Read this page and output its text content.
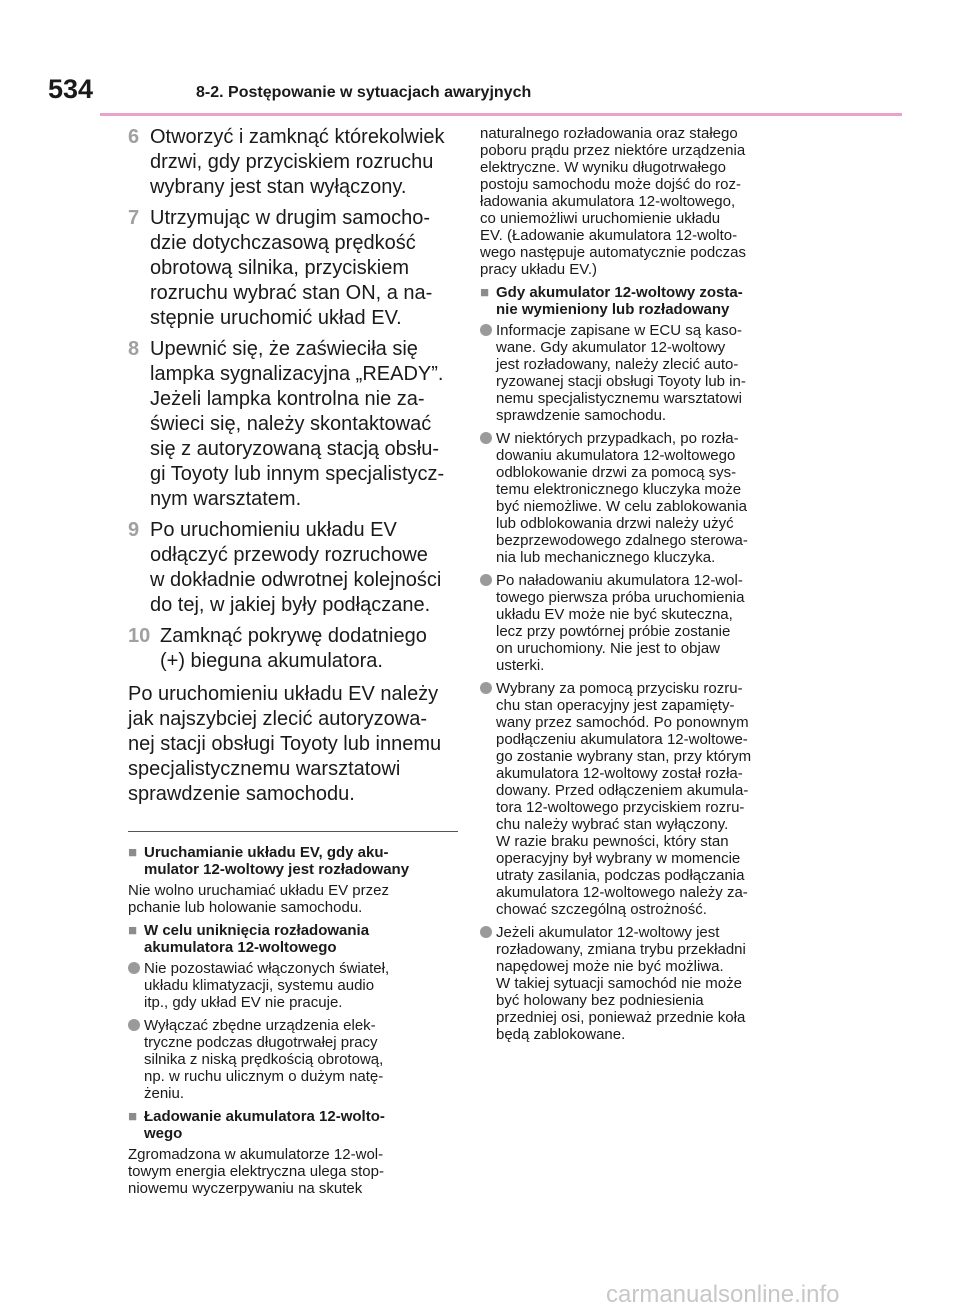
534	8-2. Postępowanie w sytuacjach awaryjnych
6 Otworzyć i zamknąć którekolwiek
drzwi, gdy przyciskiem rozruchu
wybrany jest stan wyłączony.
7 Utrzymując w drugim samocho-
dzie dotychczasową prędkość
obrotową silnika, przyciskiem
rozruchu wybrać stan ON, a na-
stępnie uruchomić układ EV.
8 Upewnić się, że zaświeciła się
lampka sygnalizacyjna „READY”.
Jeżeli lampka kontrolna nie za-
świeci się, należy skontaktować
się z autoryzowaną stacją obsłu-
gi Toyoty lub innym specjalistycz-
nym warsztatem.
9 Po uruchomieniu układu EV
odłączyć przewody rozruchowe
w dokładnie odwrotnej kolejności
do tej, w jakiej były podłączane.
10 Zamknąć pokrywę dodatniego
(+) bieguna akumulatora.
Po uruchomieniu układu EV należy
jak najszybciej zlecić autoryzowa-
nej stacji obsługi Toyoty lub innemu
specjalistycznemu warsztatowi
sprawdzenie samochodu.
■ Uruchamianie układu EV, gdy aku-
mulator 12-woltowy jest rozładowany
Nie wolno uruchamiać układu EV przez
pchanie lub holowanie samochodu.
■ W celu uniknięcia rozładowania
akumulatora 12-woltowego
Nie pozostawiać włączonych świateł,
układu klimatyzacji, systemu audio
itp., gdy układ EV nie pracuje.
Wyłączać zbędne urządzenia elek-
tryczne podczas długotrwałej pracy
silnika z niską prędkością obrotową,
np. w ruchu ulicznym o dużym natę-
żeniu.
■ Ładowanie akumulatora 12-wolto-
wego
Zgromadzona w akumulatorze 12-wol-
towym energia elektryczna ulega stop-
niowemu wyczerpywaniu na skutek
naturalnego rozładowania oraz stałego
poboru prądu przez niektóre urządzenia
elektryczne. W wyniku długotrwałego
postoju samochodu może dojść do roz-
ładowania akumulatora 12-woltowego,
co uniemożliwi uruchomienie układu
EV. (Ładowanie akumulatora 12-wolto-
wego następuje automatycznie podczas
pracy układu EV.)
■ Gdy akumulator 12-woltowy zosta-
nie wymieniony lub rozładowany
Informacje zapisane w ECU są kaso-
wane. Gdy akumulator 12-woltowy
jest rozładowany, należy zlecić auto-
ryzowanej stacji obsługi Toyoty lub in-
nemu specjalistycznemu warsztatowi
sprawdzenie samochodu.
W niektórych przypadkach, po rozła-
dowaniu akumulatora 12-woltowego
odblokowanie drzwi za pomocą sys-
temu elektronicznego kluczyka może
być niemożliwe. W celu zablokowania
lub odblokowania drzwi należy użyć
bezprzewodowego zdalnego sterowa-
nia lub mechanicznego kluczyka.
Po naładowaniu akumulatora 12-wol-
towego pierwsza próba uruchomienia
układu EV może nie być skuteczna,
lecz przy powtórnej próbie zostanie
on uruchomiony. Nie jest to objaw
usterki.
Wybrany za pomocą przycisku rozru-
chu stan operacyjny jest zapamięty-
wany przez samochód. Po ponownym
podłączeniu akumulatora 12-woltowe-
go zostanie wybrany stan, przy którym
akumulatora 12-woltowy został rozła-
dowany. Przed odłączeniem akumula-
tora 12-woltowego przyciskiem rozru-
chu należy wybrać stan wyłączony.
W razie braku pewności, który stan
operacyjny był wybrany w momencie
utraty zasilania, podczas podłączania
akumulatora 12-woltowego należy za-
chować szczególną ostrożność.
Jeżeli akumulator 12-woltowy jest
rozładowany, zmiana trybu przekładni
napędowej może nie być możliwa.
W takiej sytuacji samochód nie może
być holowany bez podniesienia
przedniej osi, ponieważ przednie koła
będą zablokowane.
carmanualsonline.info
